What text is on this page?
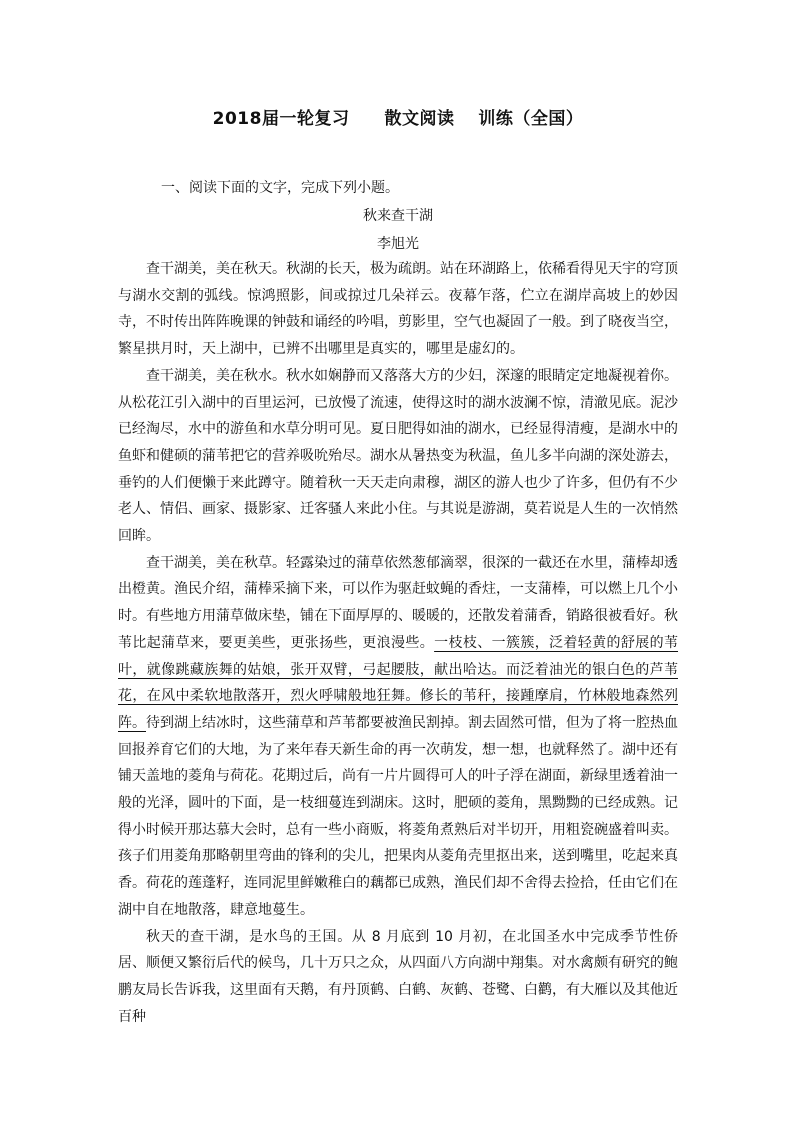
2018届一轮复习　　散文阅读　 训练（全国）
一、阅读下面的文字，完成下列小题。
秋来查干湖
李旭光

查干湖美，美在秋天。秋湖的长天，极为疏朗。站在环湖路上，依稀看得见天宇的穹顶与湖水交割的弧线。惊鸿照影，间或掠过几朵祥云。夜幕乍落，伫立在湖岸高坡上的妙因寺，不时传出阵阵晚课的钟鼓和诵经的吟唱，剪影里，空气也凝固了一般。到了晓夜当空，繁星拱月时，天上湖中，已辨不出哪里是真实的，哪里是虚幻的。

查干湖美，美在秋水。秋水如娴静而又落落大方的少妇，深邃的眼睛定定地凝视着你。从松花江引入湖中的百里运河，已放慢了流速，使得这时的湖水波澜不惊，清澈见底。泥沙已经淘尽，水中的游鱼和水草分明可见。夏日肥得如油的湖水，已经显得清瘦，是湖水中的鱼虾和健硕的蒲苇把它的营养吸吮殆尽。湖水从暑热变为秋温，鱼儿多半向湖的深处游去，垂钓的人们便懒于来此蹲守。随着秋一天天走向肃穆，湖区的游人也少了许多，但仍有不少老人、情侣、画家、摄影家、迁客骚人来此小住。与其说是游湖，莫若说是人生的一次悄然回眸。

查干湖美，美在秋草。轻露染过的蒲草依然葱郁滴翠，很深的一截还在水里，蒲棒却透出橙黄。渔民介绍，蒲棒采摘下来，可以作为驱赶蚊蝇的香炷，一支蒲棒，可以燃上几个小时。有些地方用蒲草做床垫，铺在下面厚厚的、暖暖的，还散发着蒲香，销路很被看好。秋苇比起蒲草来，要更美些，更张扬些，更浪漫些。一枝枝、一簇簇，泛着轻黄的舒展的苇叶，就像跳藏族舞的姑娘，张开双臂，弓起腰肢，献出哈达。而泛着油光的银白色的芦苇花，在风中柔软地散落开，烈火呼啸般地狂舞。修长的苇秆，接踵摩肩，竹林般地森然列阵。待到湖上结冰时，这些蒲草和芦苇都要被渔民割掉。割去固然可惜，但为了将一腔热血回报养育它们的大地，为了来年春天新生命的再一次萌发，想一想，也就释然了。湖中还有铺天盖地的菱角与荷花。花期过后，尚有一片片圆得可人的叶子浮在湖面，新绿里透着油一般的光泽，圆叶的下面，是一枝细蔓连到湖床。这时，肥硕的菱角，黑黝黝的已经成熟。记得小时候开那达慕大会时，总有一些小商贩，将菱角煮熟后对半切开，用粗瓷碗盛着叫卖。孩子们用菱角那略朝里弯曲的锋利的尖儿，把果肉从菱角壳里抠出来，送到嘴里，吃起来真香。荷花的莲蓬籽，连同泥里鲜嫩稚白的藕都已成熟，渔民们却不舍得去捡拾，任由它们在湖中自在地散落，肆意地蔓生。

秋天的查干湖，是水鸟的王国。从 8 月底到 10 月初，在北国圣水中完成季节性侨居、顺便又繁衍后代的候鸟，几十万只之众，从四面八方向湖中翔集。对水禽颇有研究的鲍鹏友局长告诉我，这里面有天鹅，有丹顶鹤、白鹤、灰鹤、苍鹭、白鹳，有大雁以及其他近百种
